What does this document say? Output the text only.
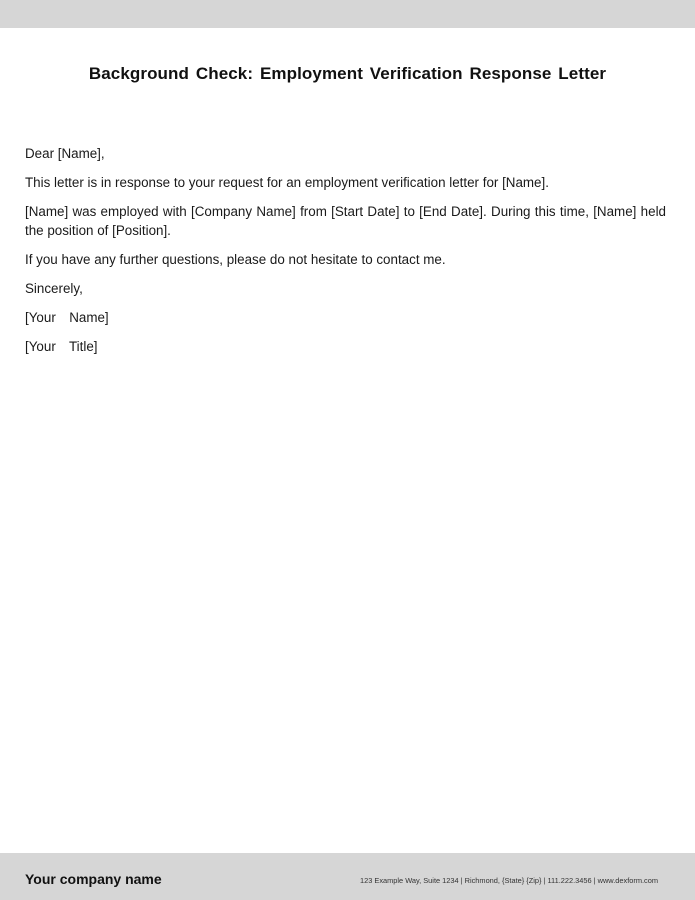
Background Check: Employment Verification Response Letter

Dear [Name],

This letter is in response to your request for an employment verification letter for [Name].

[Name] was employed with [Company Name] from [Start Date] to [End Date]. During this time, [Name] held the position of [Position].

If you have any further questions, please do not hesitate to contact me.

Sincerely,

[Your  Name]

[Your  Title]

Your company name	123 Example Way, Suite 1234 | Richmond, {State} {Zip} | 111.222.3456 | www.dexform.com
